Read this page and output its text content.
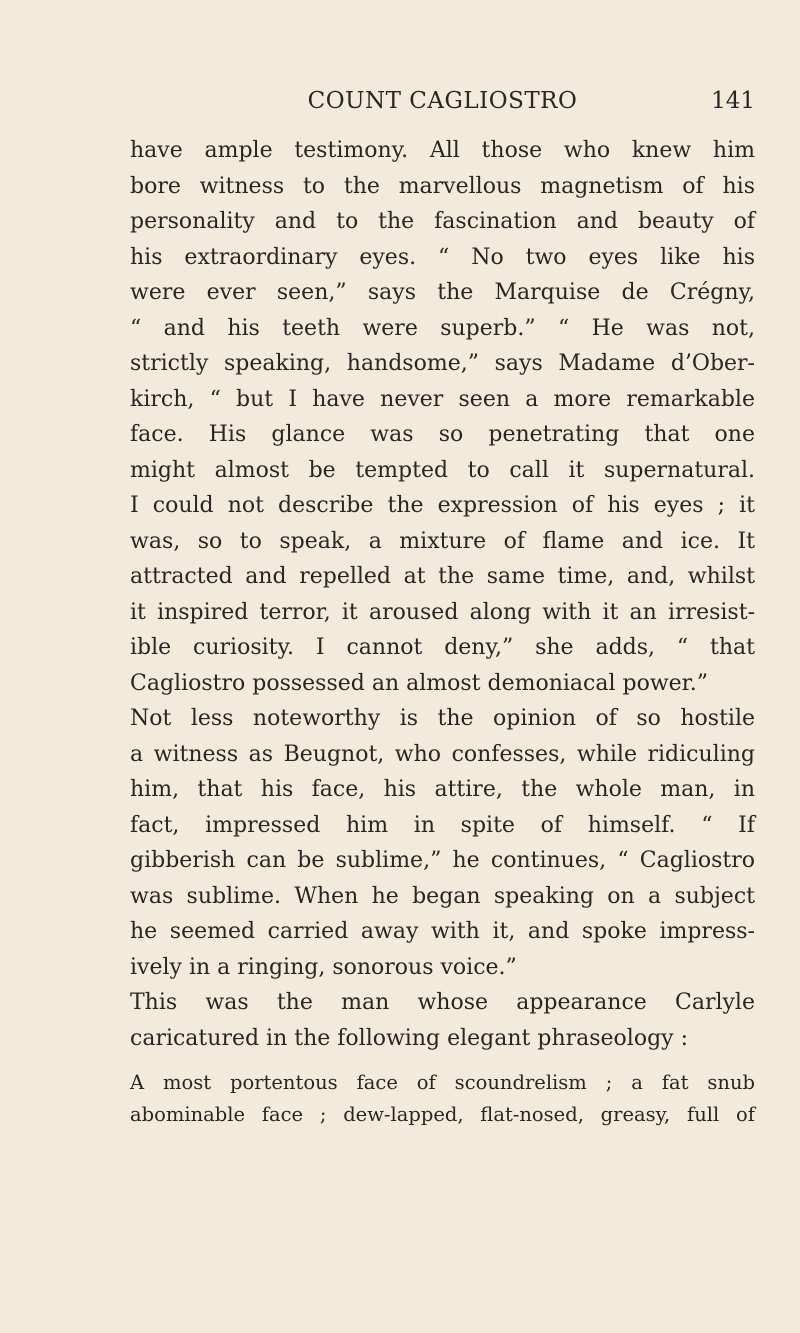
COUNT CAGLIOSTRO	141
have ample testimony. All those who knew him
bore witness to the marvellous magnetism of his
personality and to the fascination and beauty of
his extraordinary eyes. “ No two eyes like his
were ever seen,” says the Marquise de Crégny,
“ and his teeth were superb.” “ He was not,
strictly speaking, handsome,” says Madame d’Ober-
kirch, “ but I have never seen a more remarkable
face. His glance was so penetrating that one
might almost be tempted to call it supernatural.
I could not describe the expression of his eyes ; it
was, so to speak, a mixture of flame and ice. It
attracted and repelled at the same time, and, whilst
it inspired terror, it aroused along with it an irresist-
ible curiosity. I cannot deny,” she adds, “ that
Cagliostro possessed an almost demoniacal power.”
Not less noteworthy is the opinion of so hostile
a witness as Beugnot, who confesses, while ridiculing
him, that his face, his attire, the whole man, in
fact, impressed him in spite of himself. “ If
gibberish can be sublime,” he continues, “ Cagliostro
was sublime. When he began speaking on a subject
he seemed carried away with it, and spoke impress-
ively in a ringing, sonorous voice.”
This was the man whose appearance Carlyle
caricatured in the following elegant phraseology :
A most portentous face of scoundrelism ; a fat snub
abominable face ; dew-lapped, flat-nosed, greasy, full of
